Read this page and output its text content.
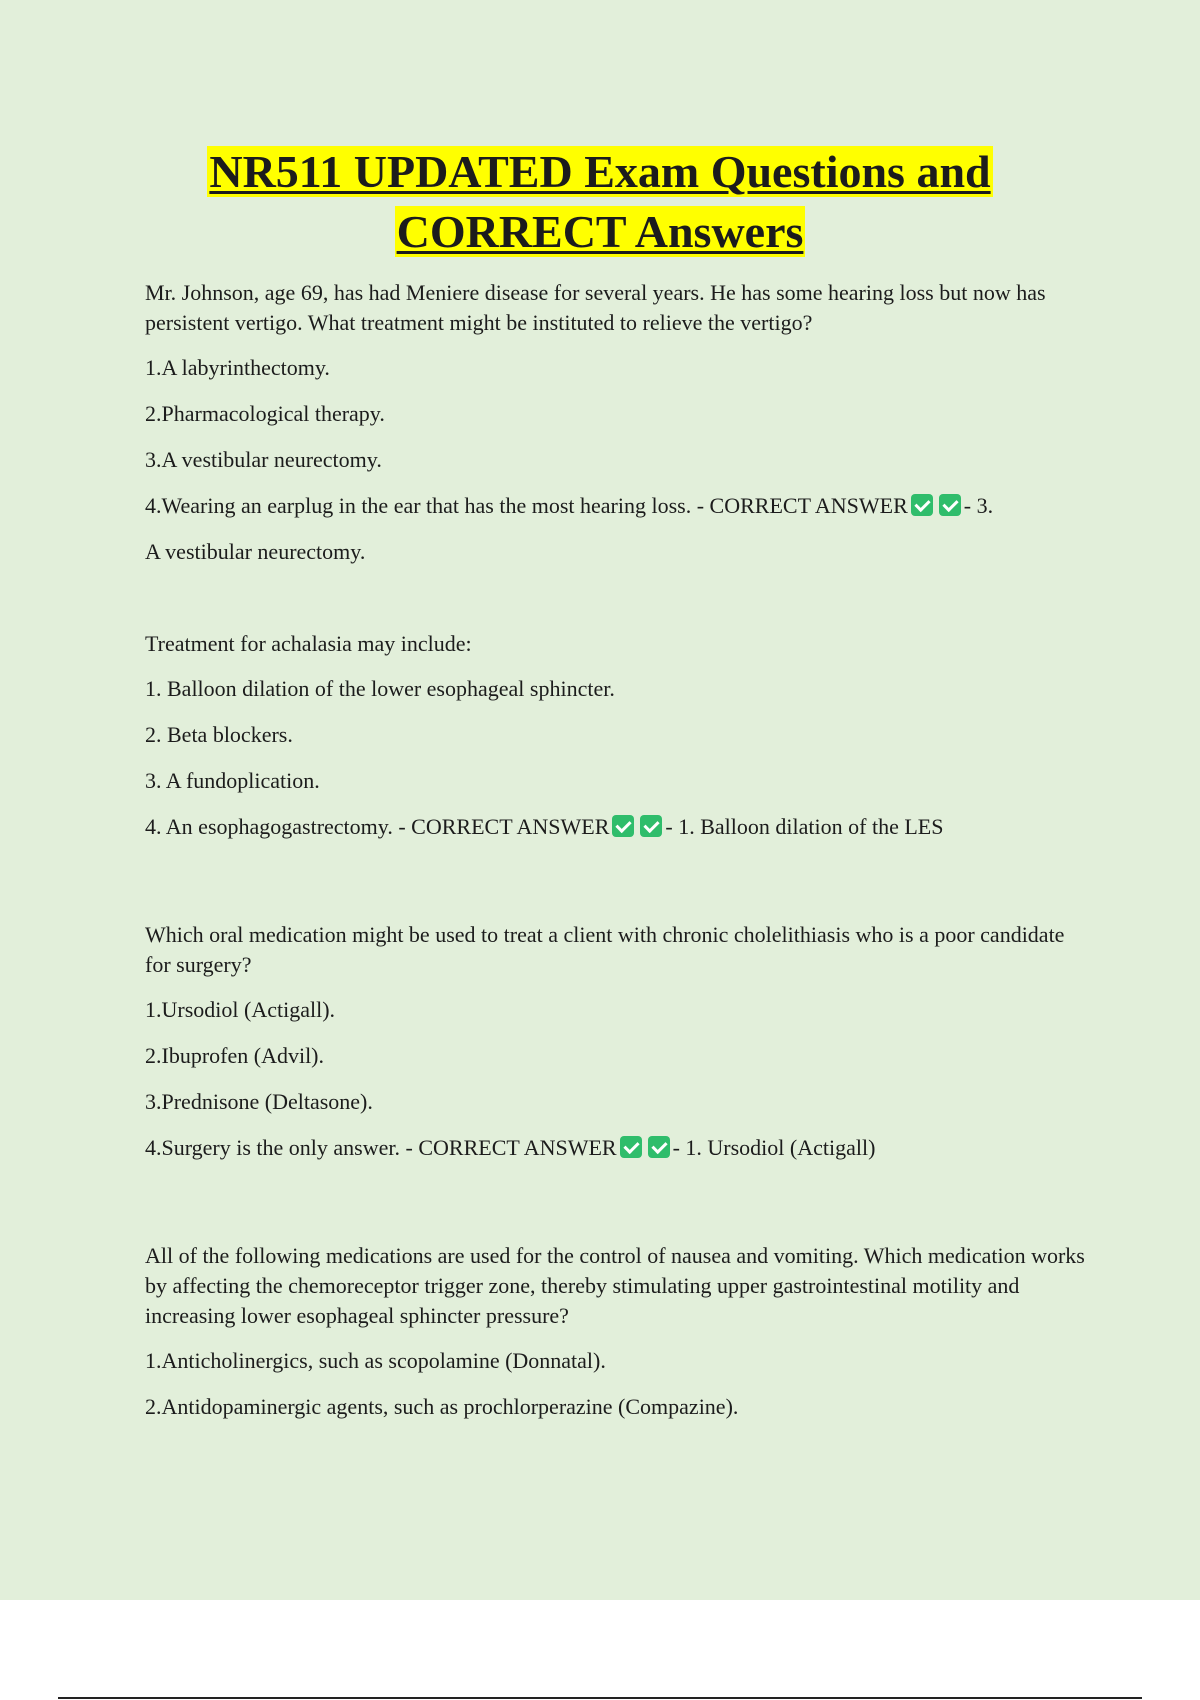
NR511 UPDATED Exam Questions and
CORRECT Answers

Mr. Johnson, age 69, has had Meniere disease for several years. He has some hearing loss but now has persistent vertigo. What treatment might be instituted to relieve the vertigo?

1.A labyrinthectomy.

2.Pharmacological therapy.

3.A vestibular neurectomy.

4.Wearing an earplug in the ear that has the most hearing loss. - CORRECT ANSWER	- 3.

A vestibular neurectomy.

Treatment for achalasia may include:

1. Balloon dilation of the lower esophageal sphincter.

2. Beta blockers.

3. A fundoplication.

4. An esophagogastrectomy. - CORRECT ANSWER	- 1. Balloon dilation of the LES

Which oral medication might be used to treat a client with chronic cholelithiasis who is a poor candidate for surgery?

1.Ursodiol (Actigall).

2.Ibuprofen (Advil).

3.Prednisone (Deltasone).

4.Surgery is the only answer. - CORRECT ANSWER	- 1. Ursodiol (Actigall)

All of the following medications are used for the control of nausea and vomiting. Which medication works by affecting the chemoreceptor trigger zone, thereby stimulating upper gastrointestinal motility and increasing lower esophageal sphincter pressure?

1.Anticholinergics, such as scopolamine (Donnatal).

2.Antidopaminergic agents, such as prochlorperazine (Compazine).
